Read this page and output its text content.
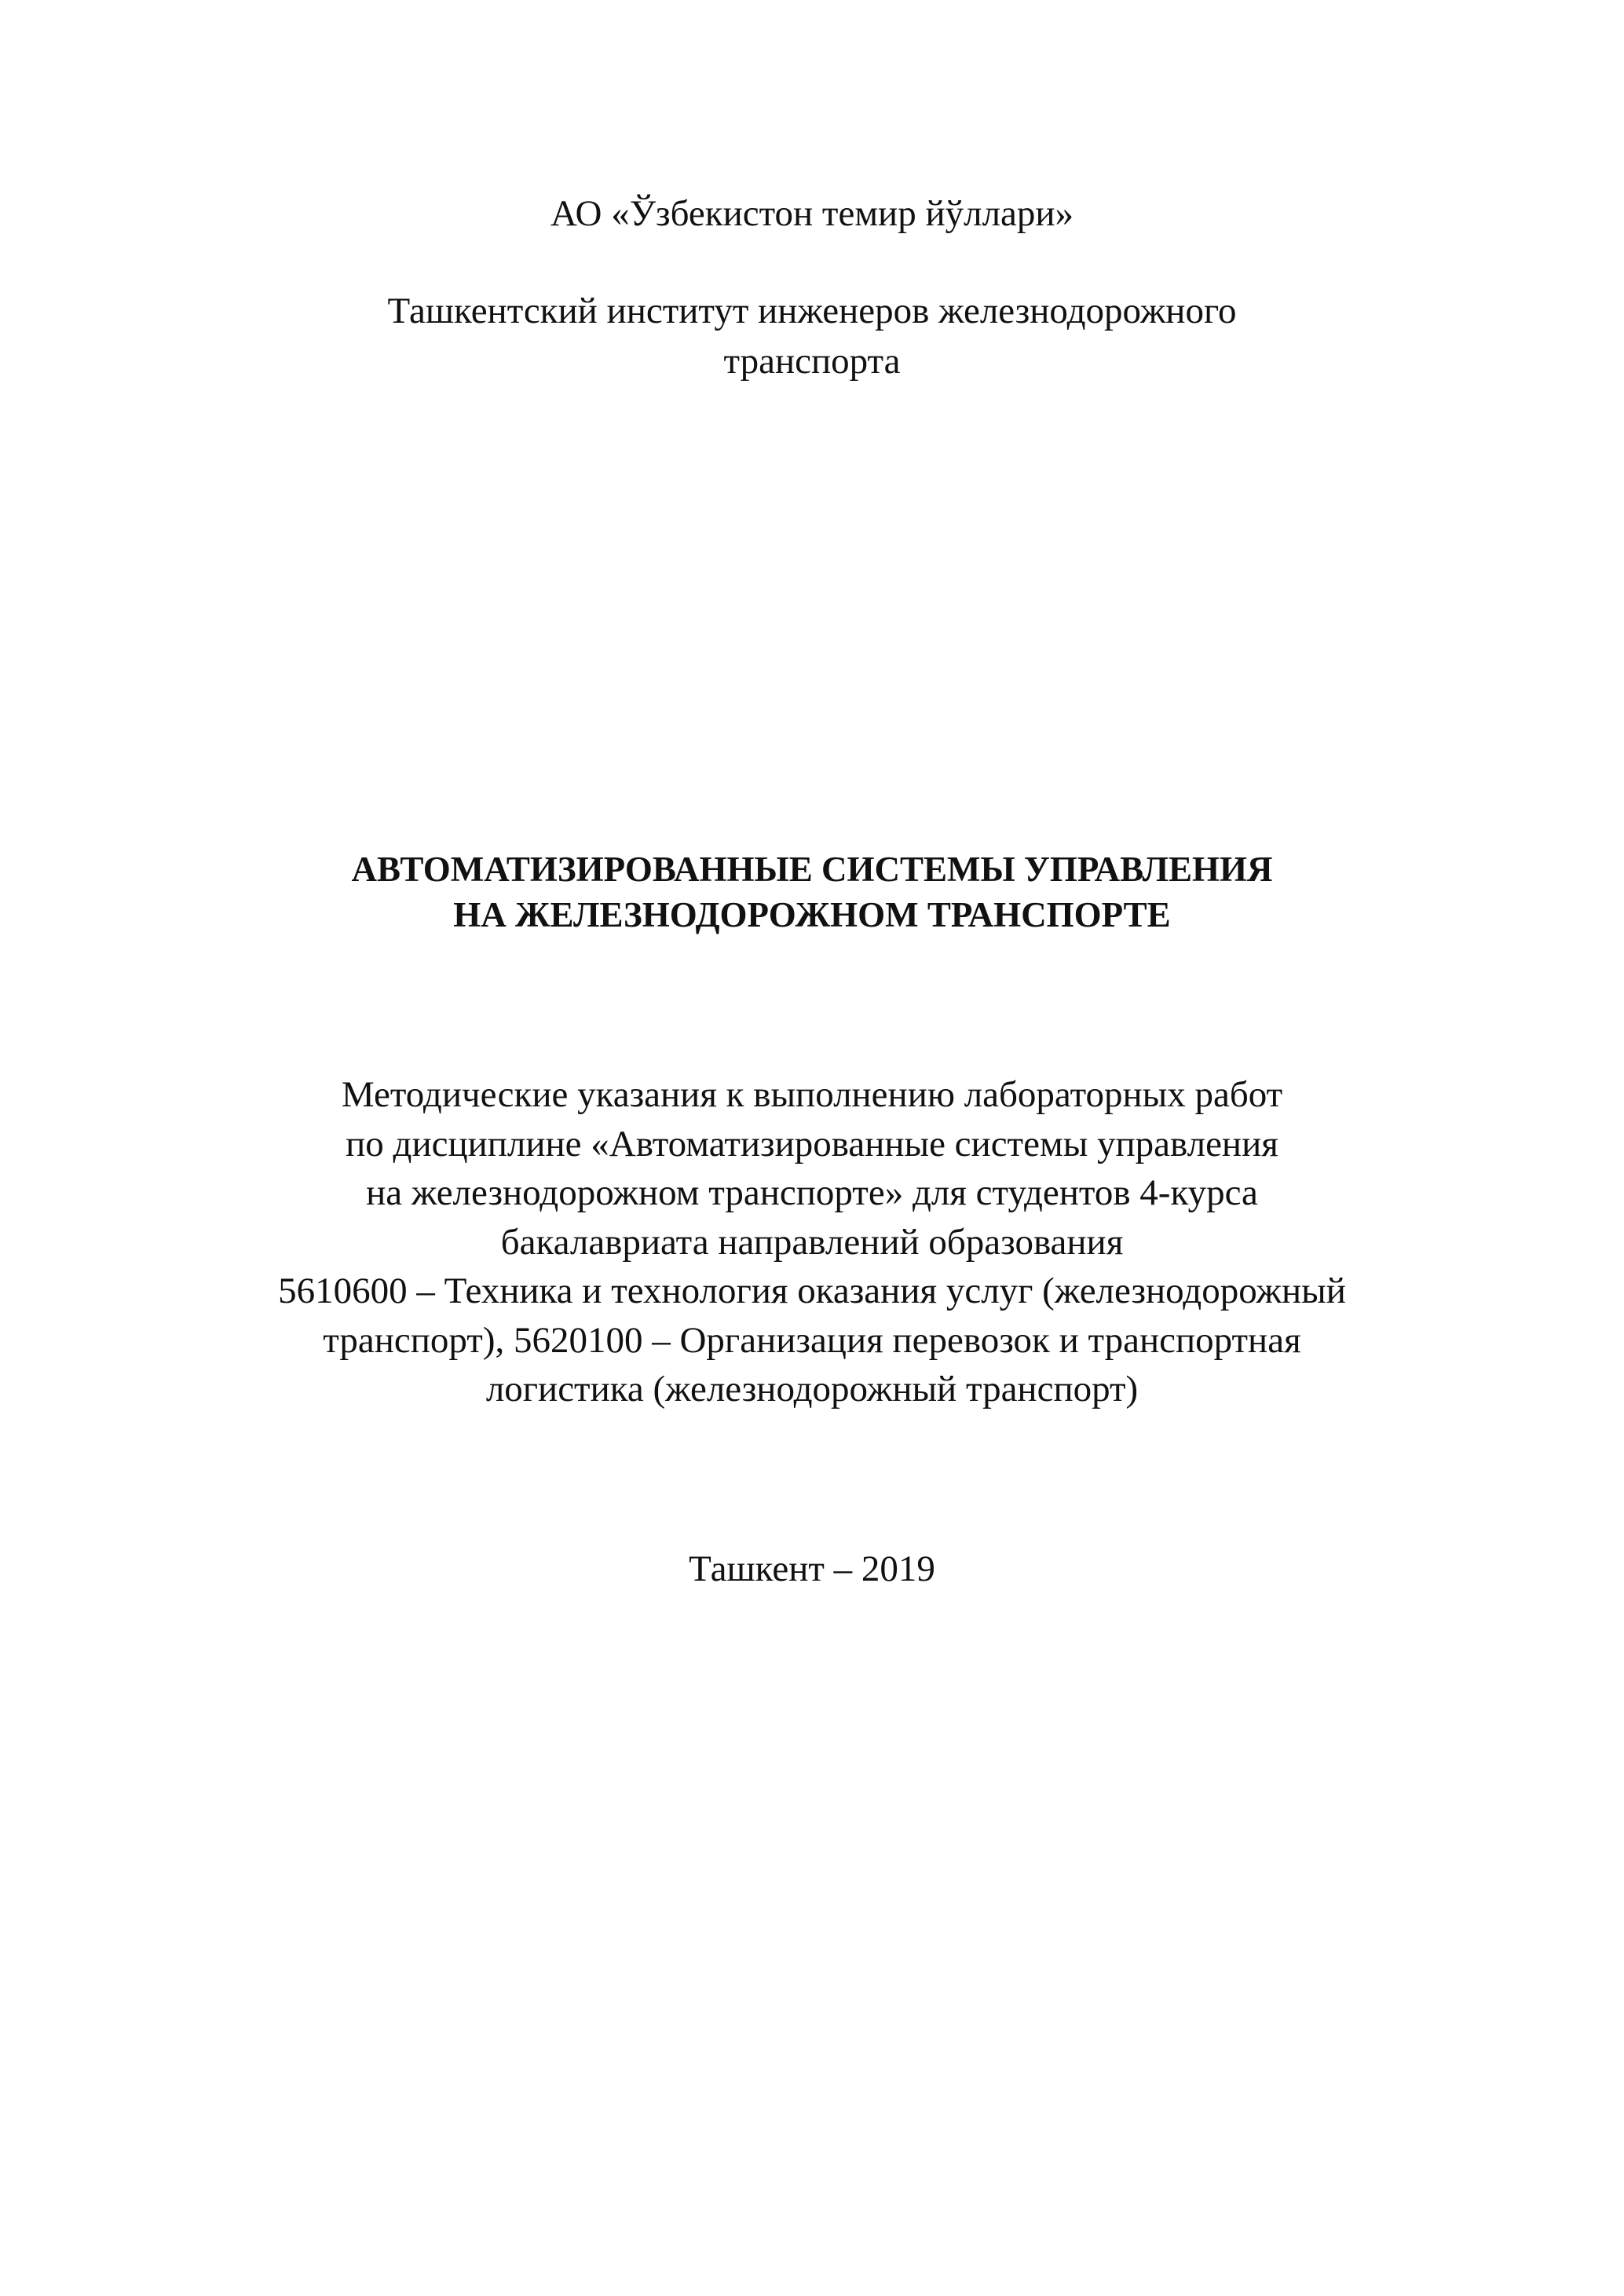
АО «Ўзбекистон темир йўллари»
Ташкентский институт инженеров железнодорожного
транспорта
АВТОМАТИЗИРОВАННЫЕ СИСТЕМЫ УПРАВЛЕНИЯ
НА ЖЕЛЕЗНОДОРОЖНОМ ТРАНСПОРТЕ
Методические указания к выполнению лабораторных работ
по дисциплине «Автоматизированные системы управления
на железнодорожном транспорте» для студентов 4-курса
бакалавриата направлений образования
5610600 – Техника и технология оказания услуг (железнодорожный
транспорт), 5620100 – Организация перевозок и транспортная
логистика (железнодорожный транспорт)
Ташкент – 2019
